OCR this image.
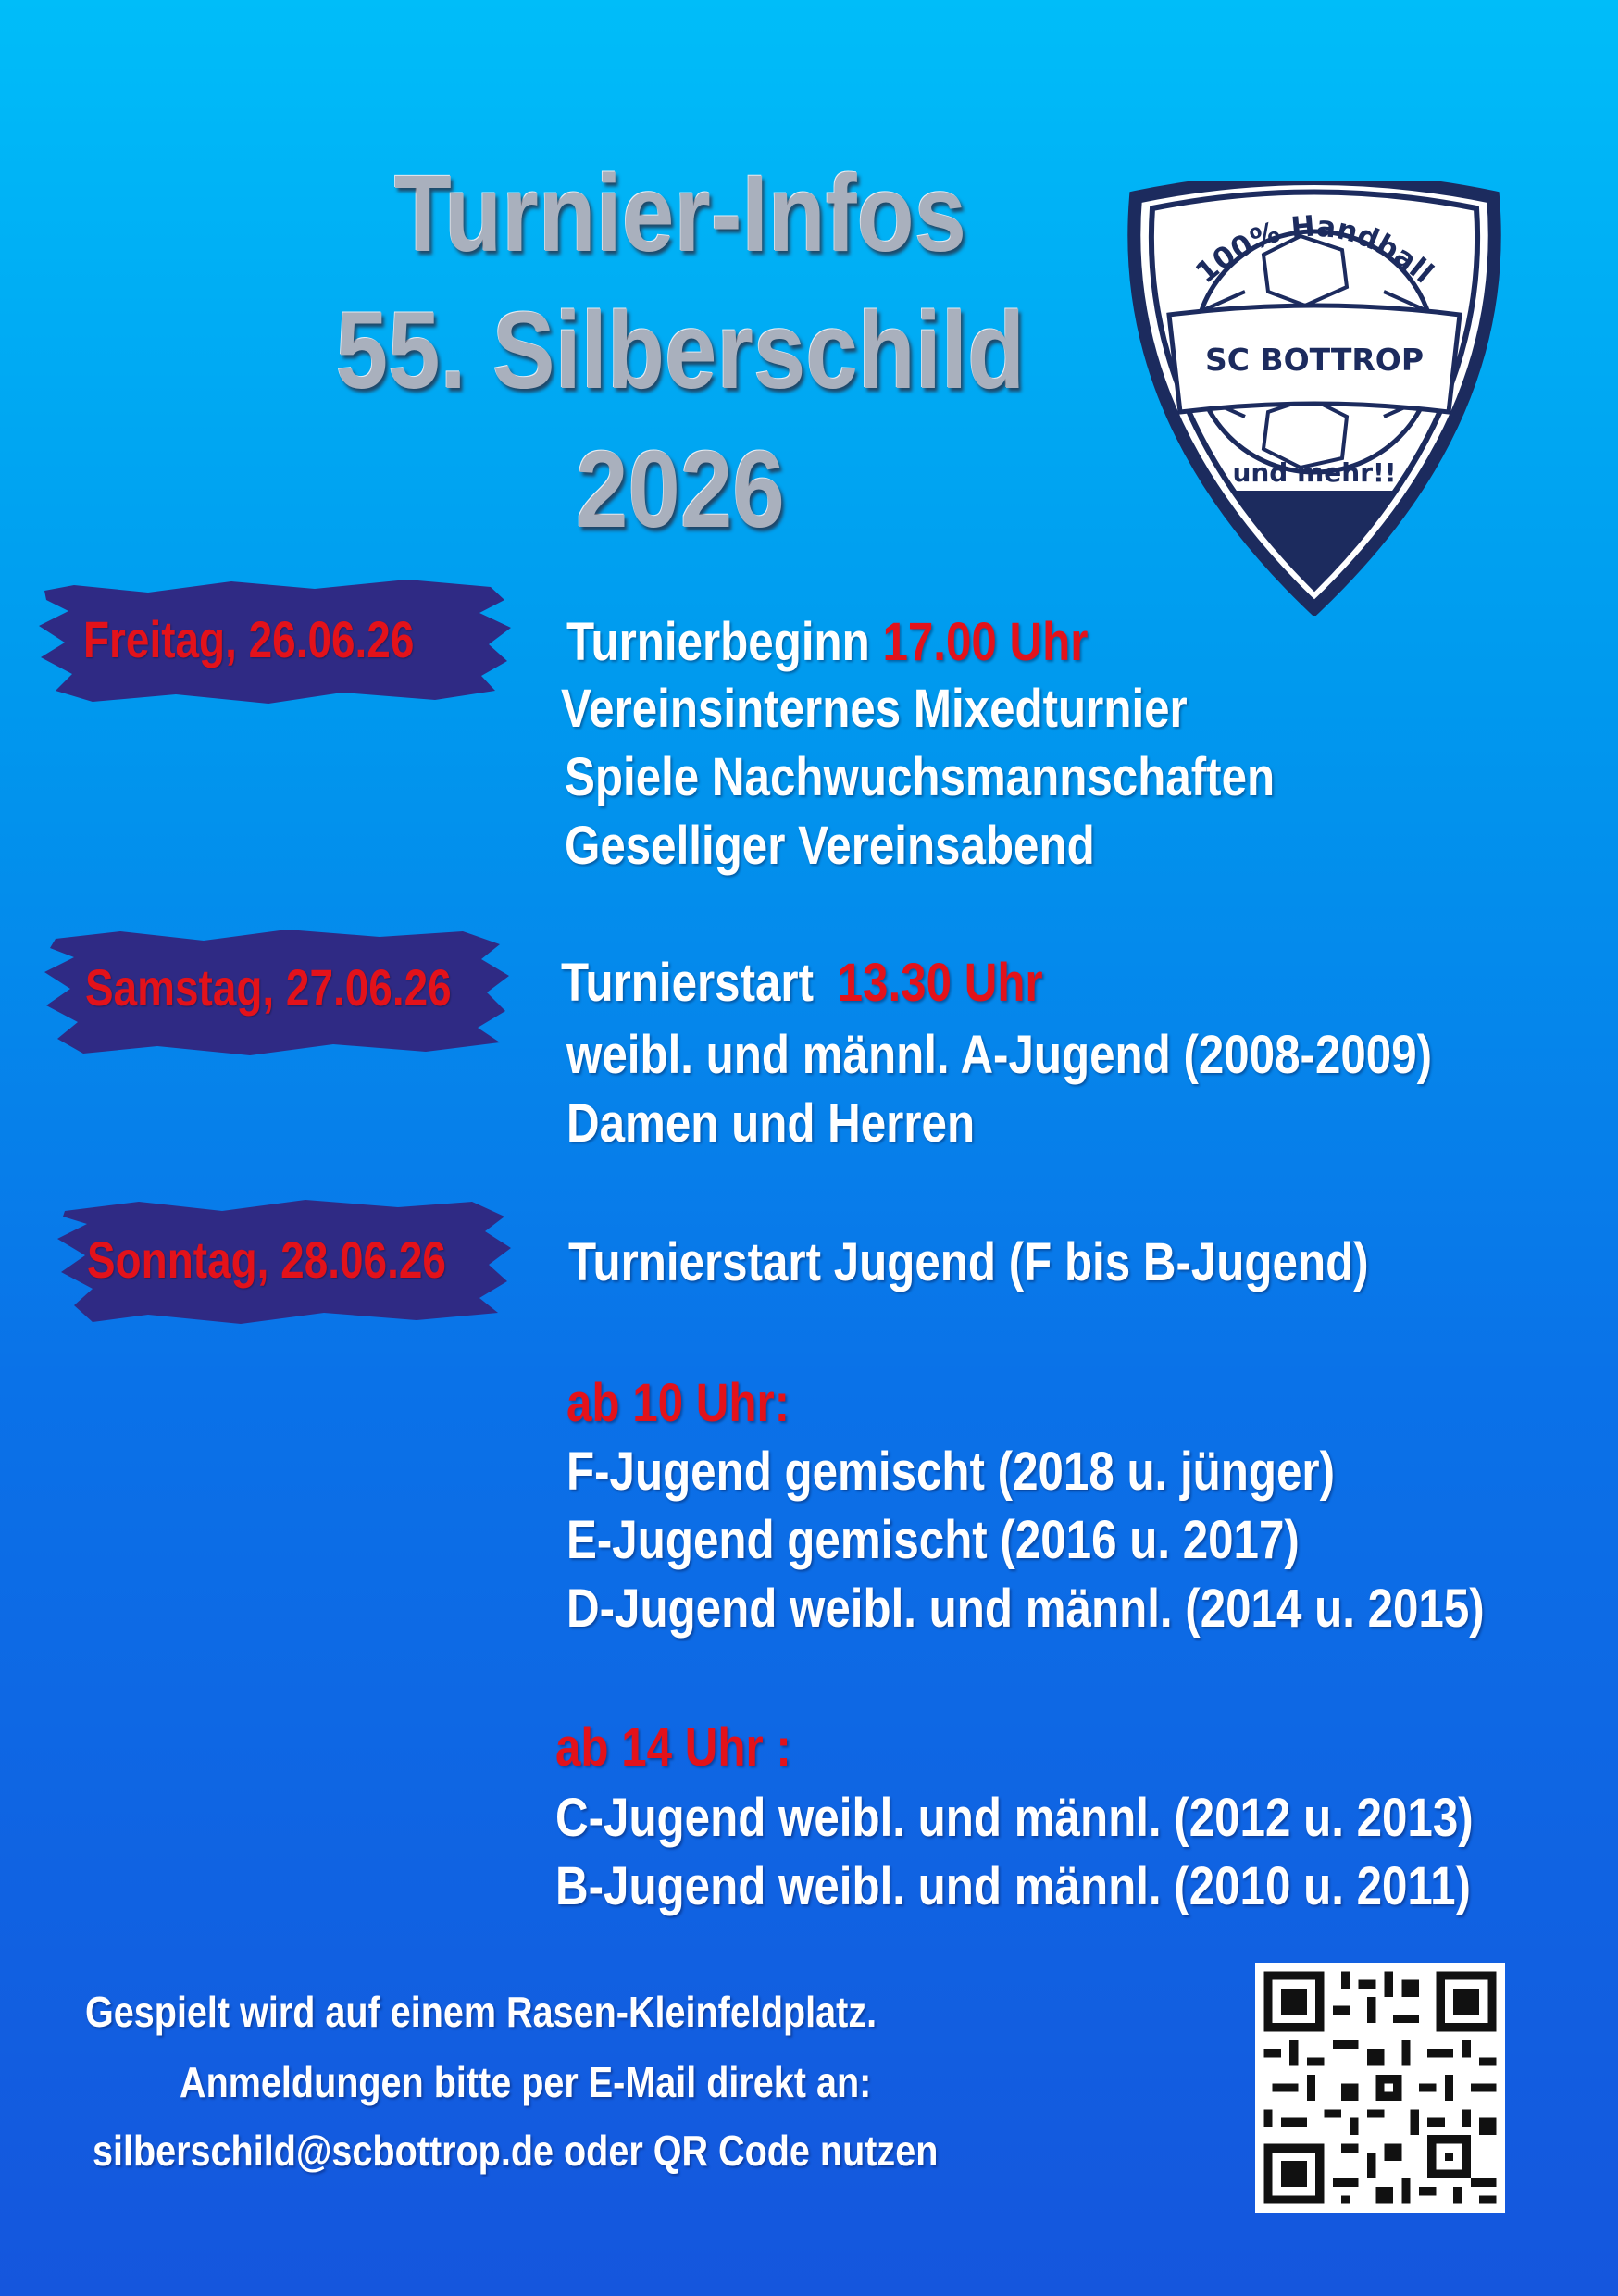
Turnier-Infos
55. Silberschild
2026
SC BOTTROP
100% Handball
und mehr!!
Freitag, 26.06.26	Turnierbeginn 17.00 Uhr
Vereinsinternes Mixedturnier
Spiele Nachwuchsmannschaften
Geselliger Vereinsabend
Samstag, 27.06.26 Turnierstart 13.30 Uhr
weibl. und männl. A-Jugend (2008-2009)
Damen und Herren
Sonntag, 28.06.26 Turnierstart Jugend (F bis B-Jugend)
ab 10 Uhr:
F-Jugend gemischt (2018 u. jünger)
E-Jugend gemischt (2016 u. 2017)
D-Jugend weibl. und männl. (2014 u. 2015)
ab 14 Uhr :
C-Jugend weibl. und männl. (2012 u. 2013)
B-Jugend weibl. und männl. (2010 u. 2011)
Gespielt wird auf einem Rasen-Kleinfeldplatz.
Anmeldungen bitte per E-Mail direkt an:
silberschild@scbottrop.de oder QR Code nutzen
